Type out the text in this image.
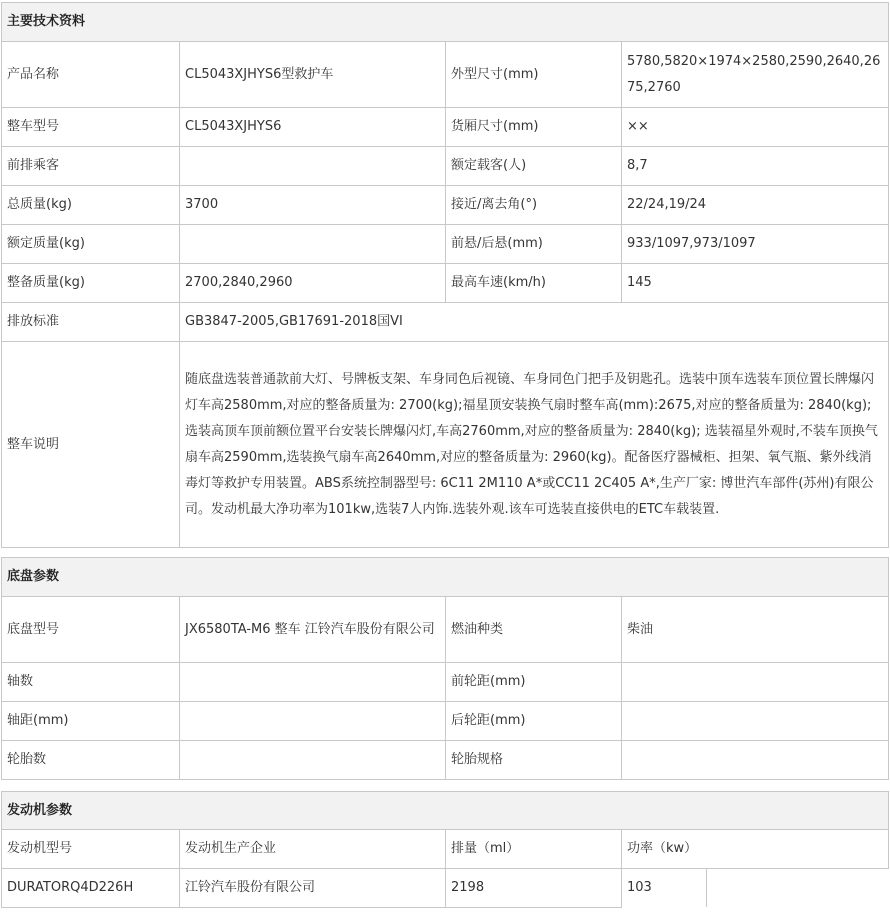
主要技术资料			
产品名称	CL5043XJHYS6型救护车	外型尺寸(mm)	5780,5820×1974×2580,2590,2640,2675,2760
整车型号	CL5043XJHYS6	货厢尺寸(mm)	××
前排乘客		额定载客(人)	8,7
总质量(kg)	3700	接近/离去角(°)	22/24,19/24
额定质量(kg)		前悬/后悬(mm)	933/1097,973/1097
整备质量(kg)	2700,2840,2960	最高车速(km/h)	145
排放标准	GB3847-2005,GB17691-2018国VI		
整车说明	随底盘选装普通款前大灯、号牌板支架、车身同色后视镜、车身同色门把手及钥匙孔。选装中顶车选装车顶位置长牌爆闪灯车高2580mm,对应的整备质量为: 2700(kg);福星顶安装换气扇时整车高(mm):2675,对应的整备质量为: 2840(kg);选装高顶车顶前额位置平台安装长牌爆闪灯,车高2760mm,对应的整备质量为: 2840(kg); 选装福星外观时,不装车顶换气扇车高2590mm,选装换气扇车高2640mm,对应的整备质量为: 2960(kg)。配备医疗器械柜、担架、氧气瓶、紫外线消毒灯等救护专用装置。ABS系统控制器型号: 6C11 2M110 A*或CC11 2C405 A*,生产厂家: 博世汽车部件(苏州)有限公司。发动机最大净功率为101kw,选装7人内饰.选装外观.该车可选装直接供电的ETC车载装置.		
底盘参数			
底盘型号	JX6580TA-M6 整车 江铃汽车股份有限公司	燃油种类	柴油
轴数		前轮距(mm)	
轴距(mm)		后轮距(mm)	
轮胎数		轮胎规格	
发动机参数			
发动机型号	发动机生产企业	排量（ml）	功率（kw）
DURATORQ4D226H	江铃汽车股份有限公司	2198	103
